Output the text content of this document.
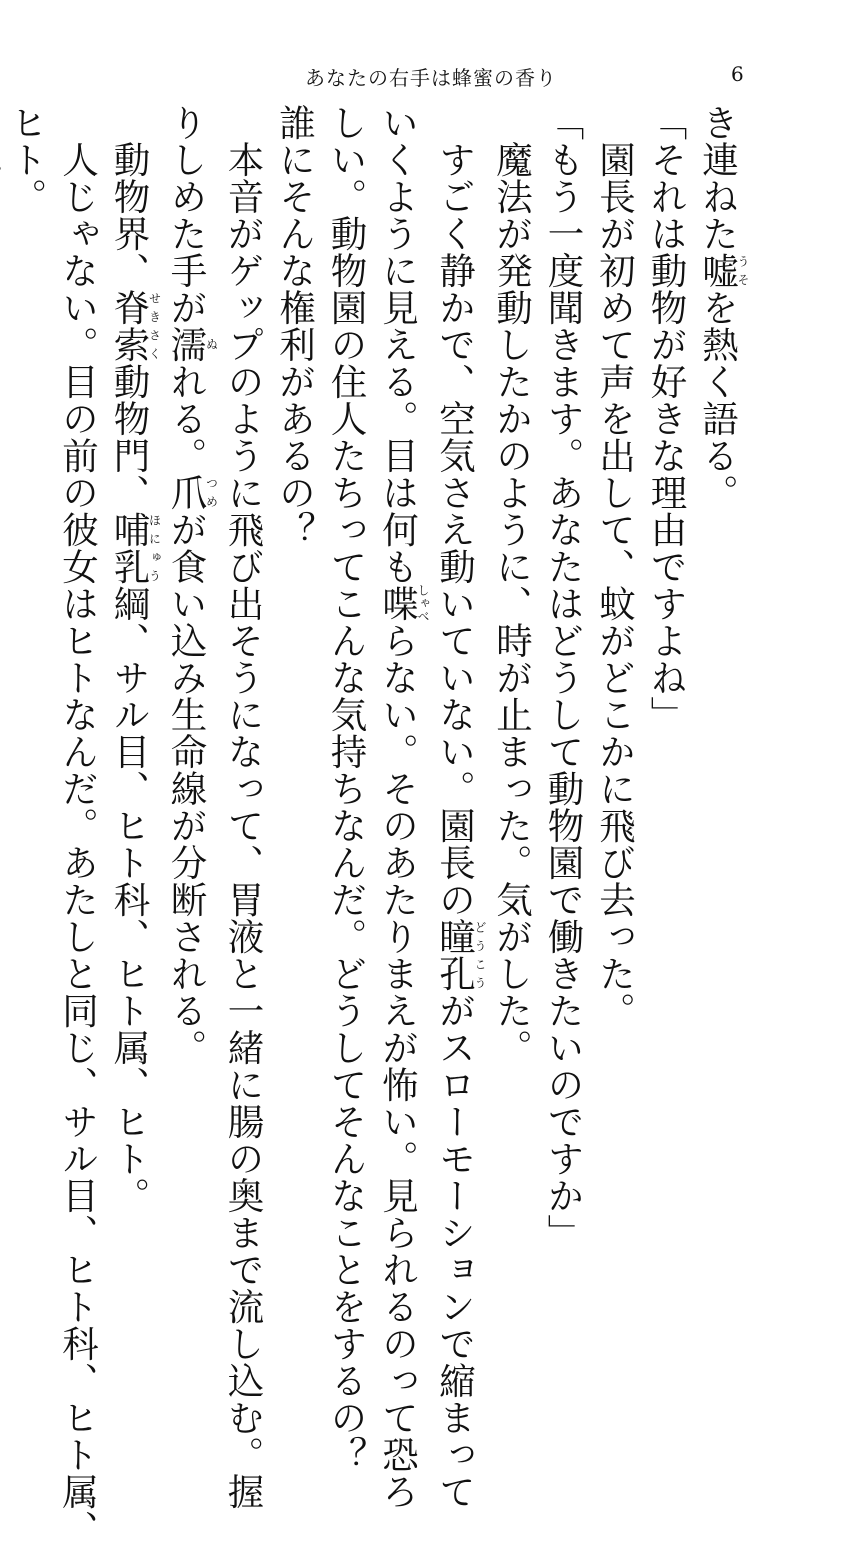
あなたの右手は蜂蜜の香り	6
き連ねた嘘うそを熱く語る。
「それは動物が好きな理由ですよね」
　園長が初めて声を出して、蚊がどこかに飛び去った。
「もう一度聞きます。あなたはどうして動物園で働きたいのですか」
　魔法が発動したかのように、時が止まった。気がした。
　すごく静かで、空気さえ動いていない。園長の瞳孔どうこうがスローモーションで縮まって
いくように見える。目は何も喋しゃべらない。そのあたりまえが怖い。見られるのって恐ろ
しい。動物園の住人たちってこんな気持ちなんだ。どうしてそんなことをするの？
誰にそんな権利があるの？
　本音がゲップのように飛び出そうになって、胃液と一緒に腸の奥まで流し込む。握
りしめた手が濡ぬれる。爪つめが食い込み生命線が分断される。
　動物界、脊索せきさく動物門、哺乳ほにゅう綱、サル目、ヒト科、ヒト属、ヒト。
　人じゃない。目の前の彼女はヒトなんだ。あたしと同じ、サル目、ヒト科、ヒト属、
ヒト。
